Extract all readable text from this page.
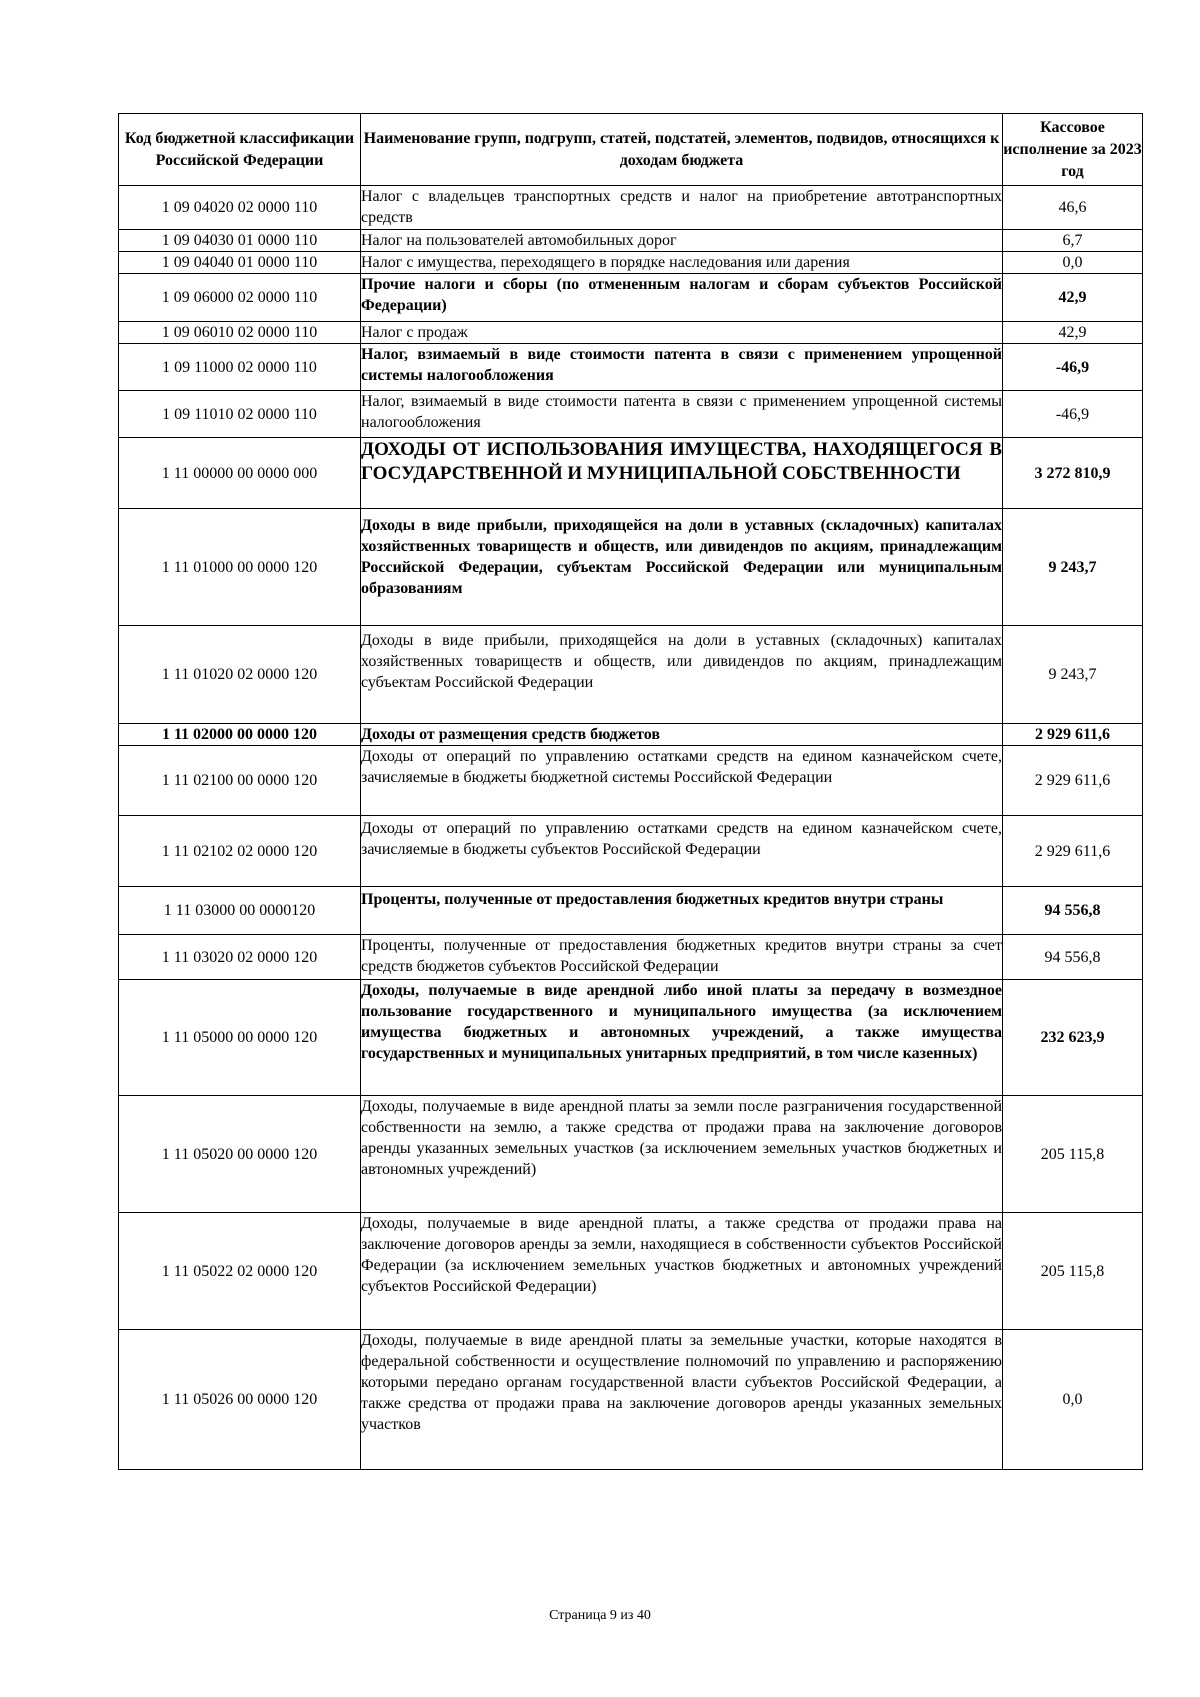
Код бюджетной классификации Российской Федерации	Наименование групп, подгрупп, статей, подстатей, элементов, подвидов, относящихся к доходам бюджета	Кассовое исполнение за 2023 год
1 09 04020 02 0000 110	Налог с владельцев транспортных средств и налог на приобретение автотранспортных средств	46,6
1 09 04030 01 0000 110	Налог на пользователей автомобильных дорог	6,7
1 09 04040 01 0000 110	Налог с имущества, переходящего в порядке наследования или дарения	0,0
1 09 06000 02 0000 110	Прочие налоги и сборы (по отмененным налогам и сборам субъектов Российской Федерации)	42,9
1 09 06010 02 0000 110	Налог с продаж	42,9
1 09 11000 02 0000 110	Налог, взимаемый в виде стоимости патента в связи с применением упрощенной системы налогообложения	-46,9
1 09 11010 02 0000 110	Налог, взимаемый в виде стоимости патента в связи с применением упрощенной системы налогообложения	-46,9
1 11 00000 00 0000 000	ДОХОДЫ ОТ ИСПОЛЬЗОВАНИЯ ИМУЩЕСТВА, НАХОДЯЩЕГОСЯ В ГОСУДАРСТВЕННОЙ И МУНИЦИПАЛЬНОЙ СОБСТВЕННОСТИ	3 272 810,9
1 11 01000 00 0000 120	Доходы в виде прибыли, приходящейся на доли в уставных (складочных) капиталах хозяйственных товариществ и обществ, или дивидендов по акциям, принадлежащим Российской Федерации, субъектам Российской Федерации или муниципальным образованиям	9 243,7
1 11 01020 02 0000 120	Доходы в виде прибыли, приходящейся на доли в уставных (складочных) капиталах хозяйственных товариществ и обществ, или дивидендов по акциям, принадлежащим субъектам Российской Федерации	9 243,7
1 11 02000 00 0000 120	Доходы от размещения средств бюджетов	2 929 611,6
1 11 02100 00 0000 120	Доходы от операций по управлению остатками средств на едином казначейском счете, зачисляемые в бюджеты бюджетной системы Российской Федерации	2 929 611,6
1 11 02102 02 0000 120	Доходы от операций по управлению остатками средств на едином казначейском счете, зачисляемые в бюджеты субъектов Российской Федерации	2 929 611,6
1 11 03000 00 0000120	Проценты, полученные от предоставления бюджетных кредитов внутри страны	94 556,8
1 11 03020 02 0000 120	Проценты, полученные от предоставления бюджетных кредитов внутри страны за счет средств бюджетов субъектов Российской Федерации	94 556,8
1 11 05000 00 0000 120	Доходы, получаемые в виде арендной либо иной платы за передачу в возмездное пользование государственного и муниципального имущества (за исключением имущества бюджетных и автономных учреждений, а также имущества государственных и муниципальных унитарных предприятий, в том числе казенных)	232 623,9
1 11 05020 00 0000 120	Доходы, получаемые в виде арендной платы за земли после разграничения государственной собственности на землю, а также средства от продажи права на заключение договоров аренды указанных земельных участков (за исключением земельных участков бюджетных и автономных учреждений)	205 115,8
1 11 05022 02 0000 120	Доходы, получаемые в виде арендной платы, а также средства от продажи права на заключение договоров аренды за земли, находящиеся в собственности субъектов Российской Федерации (за исключением земельных участков бюджетных и автономных учреждений субъектов Российской Федерации)	205 115,8
1 11 05026 00 0000 120	Доходы, получаемые в виде арендной платы за земельные участки, которые находятся в федеральной собственности и осуществление полномочий по управлению и распоряжению которыми передано органам государственной власти субъектов Российской Федерации, а также средства от продажи права на заключение договоров аренды указанных земельных участков	0,0
Страница 9 из 40
